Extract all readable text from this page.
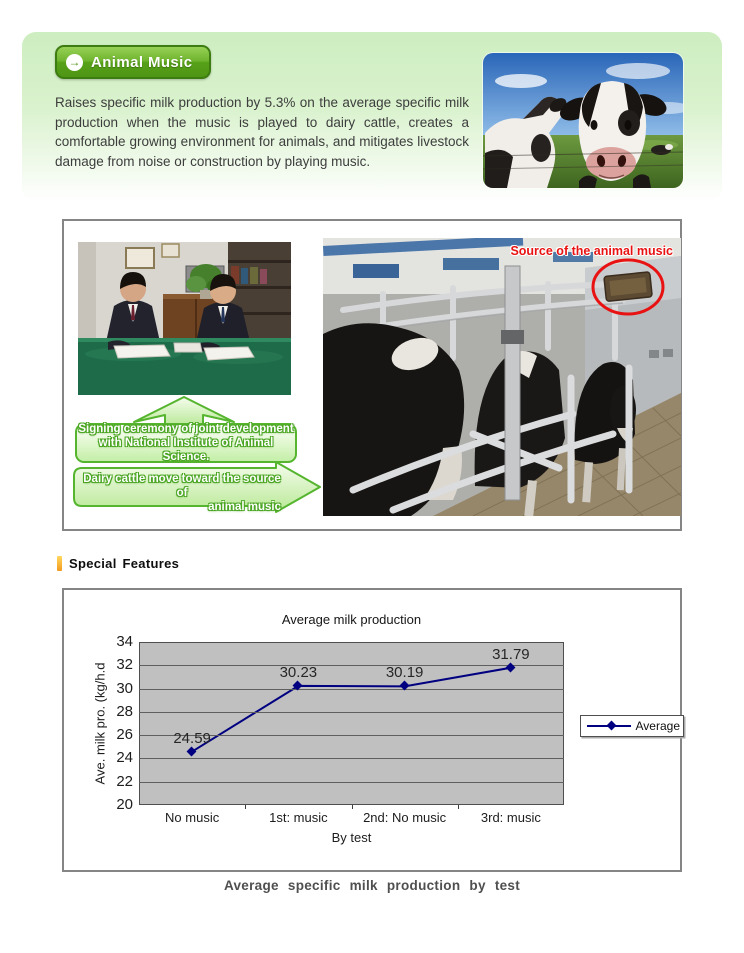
→ Animal Music
Raises specific milk production by 5.3% on the average specific milk production when the music is played to dairy cattle, creates a comfortable growing environment for animals, and mitigates livestock damage from noise or construction by playing music.
Source of the animal music
Signing ceremony of joint development
with National Institute of Animal Science.
Dairy cattle move toward the source of
animal music
Special Features
Average milk production
Ave. milk pro. (kg/h.d
By test
Average
34
32
30
28
26
24
22
20
No music	1st: music	2nd: No music	3rd: music
24.59
30.23	30.19
31.79
Average specific milk production by test
